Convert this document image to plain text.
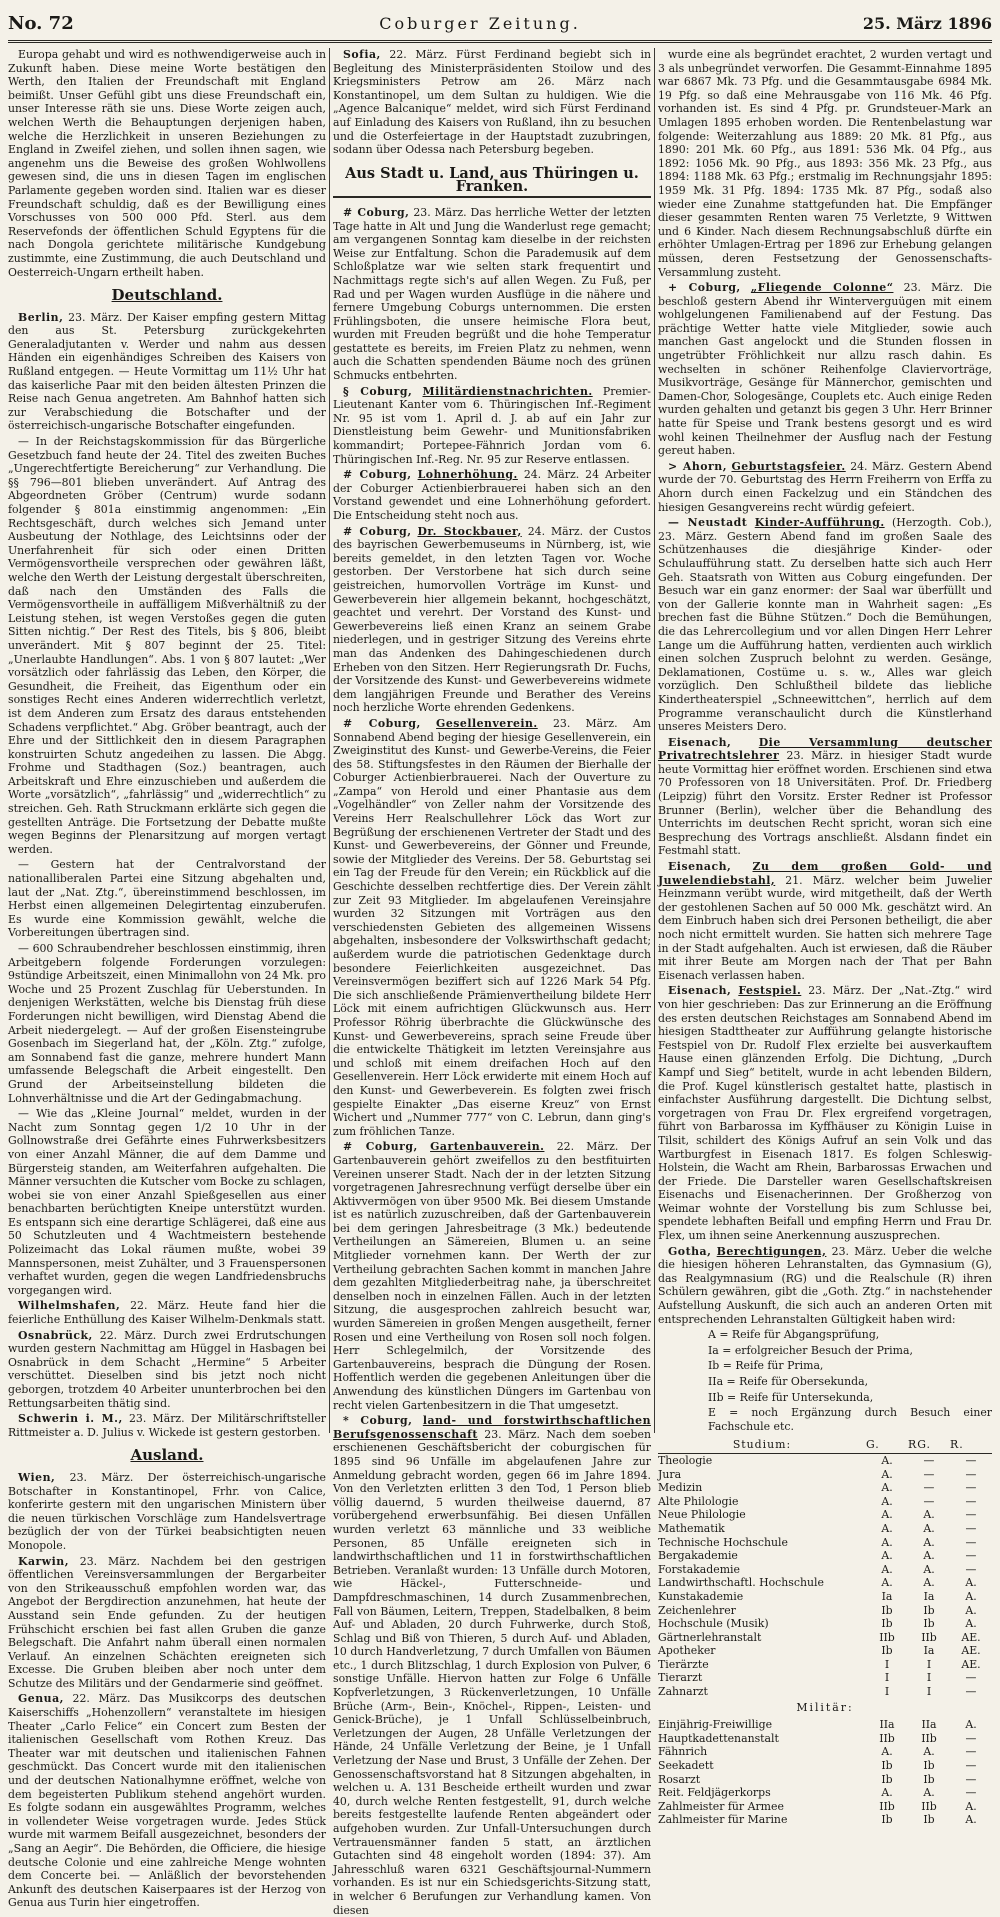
No. 72	Coburger Zeitung.	25. März 1896

Europa gehabt und wird es nothwendigerweise auch in Zukunft haben. Diese meine Worte bestätigen den Werth, den Italien der Freundschaft mit England beimißt. Unser Gefühl gibt uns diese Freundschaft ein, unser Interesse räth sie uns. Diese Worte zeigen auch, welchen Werth die Behauptungen derjenigen haben, welche die Herzlichkeit in unseren Beziehungen zu England in Zweifel ziehen, und sollen ihnen sagen, wie angenehm uns die Beweise des großen Wohlwollens gewesen sind, die uns in diesen Tagen im englischen Parlamente gegeben worden sind. Italien war es dieser Freundschaft schuldig, daß es der Bewilligung eines Vorschusses von 500 000 Pfd. Sterl. aus dem Reservefonds der öffentlichen Schuld Egyptens für die nach Dongola gerichtete militärische Kundgebung zustimmte, eine Zustimmung, die auch Deutschland und Oesterreich-Ungarn ertheilt haben.

Deutschland.

Berlin, 23. März. Der Kaiser empfing gestern Mittag den aus St. Petersburg zurückgekehrten Generaladjutanten v. Werder und nahm aus dessen Händen ein eigenhändiges Schreiben des Kaisers von Rußland entgegen. — Heute Vormittag um 11½ Uhr hat das kaiserliche Paar mit den beiden ältesten Prinzen die Reise nach Genua angetreten. Am Bahnhof hatten sich zur Verabschiedung die Botschafter und der österreichisch-ungarische Botschafter eingefunden.

— In der Reichstagskommission für das Bürgerliche Gesetzbuch fand heute der 24. Titel des zweiten Buches „Ungerechtfertigte Bereicherung“ zur Verhandlung. Die §§ 796—801 blieben unverändert. Auf Antrag des Abgeordneten Gröber (Centrum) wurde sodann folgender § 801a einstimmig angenommen: „Ein Rechtsgeschäft, durch welches sich Jemand unter Ausbeutung der Nothlage, des Leichtsinns oder der Unerfahrenheit für sich oder einen Dritten Vermögensvortheile versprechen oder gewähren läßt, welche den Werth der Leistung dergestalt überschreiten, daß nach den Umständen des Falls die Vermögensvortheile in auffälligem Mißverhältniß zu der Leistung stehen, ist wegen Verstoßes gegen die guten Sitten nichtig.“ Der Rest des Titels, bis § 806, bleibt unverändert. Mit § 807 beginnt der 25. Titel: „Unerlaubte Handlungen“. Abs. 1 von § 807 lautet: „Wer vorsätzlich oder fahrlässig das Leben, den Körper, die Gesundheit, die Freiheit, das Eigenthum oder ein sonstiges Recht eines Anderen widerrechtlich verletzt, ist dem Anderen zum Ersatz des daraus entstehenden Schadens verpflichtet.“ Abg. Gröber beantragt, auch der Ehre und der Sittlichkeit den in diesem Paragraphen konstruirten Schutz angedeihen zu lassen. Die Abgg. Frohme und Stadthagen (Soz.) beantragen, auch Arbeitskraft und Ehre einzuschieben und außerdem die Worte „vorsätzlich“, „fahrlässig“ und „widerrechtlich“ zu streichen. Geh. Rath Struckmann erklärte sich gegen die gestellten Anträge. Die Fortsetzung der Debatte mußte wegen Beginns der Plenarsitzung auf morgen vertagt werden.

— Gestern hat der Centralvorstand der nationalliberalen Partei eine Sitzung abgehalten und, laut der „Nat. Ztg.“, übereinstimmend beschlossen, im Herbst einen allgemeinen Delegirtentag einzuberufen. Es wurde eine Kommission gewählt, welche die Vorbereitungen übertragen sind.

— 600 Schraubendreher beschlossen einstimmig, ihren Arbeitgebern folgende Forderungen vorzulegen: 9stündige Arbeitszeit, einen Minimallohn von 24 Mk. pro Woche und 25 Prozent Zuschlag für Ueberstunden. In denjenigen Werkstätten, welche bis Dienstag früh diese Forderungen nicht bewilligen, wird Dienstag Abend die Arbeit niedergelegt. — Auf der großen Eisensteingrube Gosenbach im Siegerland hat, der „Köln. Ztg.“ zufolge, am Sonnabend fast die ganze, mehrere hundert Mann umfassende Belegschaft die Arbeit eingestellt. Den Grund der Arbeitseinstellung bildeten die Lohnverhältnisse und die Art der Gedingabmachung.

— Wie das „Kleine Journal“ meldet, wurden in der Nacht zum Sonntag gegen 1/2 10 Uhr in der Gollnowstraße drei Gefährte eines Fuhrwerksbesitzers von einer Anzahl Männer, die auf dem Damme und Bürgersteig standen, am Weiterfahren aufgehalten. Die Männer versuchten die Kutscher vom Bocke zu schlagen, wobei sie von einer Anzahl Spießgesellen aus einer benachbarten berüchtigten Kneipe unterstützt wurden. Es entspann sich eine derartige Schlägerei, daß eine aus 50 Schutzleuten und 4 Wachtmeistern bestehende Polizeimacht das Lokal räumen mußte, wobei 39 Mannspersonen, meist Zuhälter, und 3 Frauenspersonen verhaftet wurden, gegen die wegen Landfriedensbruchs vorgegangen wird.

Wilhelmshafen, 22. März. Heute fand hier die feierliche Enthüllung des Kaiser Wilhelm-Denkmals statt.

Osnabrück, 22. März. Durch zwei Erdrutschungen wurden gestern Nachmittag am Hüggel in Hasbagen bei Osnabrück in dem Schacht „Hermine“ 5 Arbeiter verschüttet. Dieselben sind bis jetzt noch nicht geborgen, trotzdem 40 Arbeiter ununterbrochen bei den Rettungsarbeiten thätig sind.

Schwerin i. M., 23. März. Der Militärschriftsteller Rittmeister a. D. Julius v. Wickede ist gestern gestorben.

Ausland.

Wien, 23. März. Der österreichisch-ungarische Botschafter in Konstantinopel, Frhr. von Calice, konferirte gestern mit den ungarischen Ministern über die neuen türkischen Vorschläge zum Handelsvertrage bezüglich der von der Türkei beabsichtigten neuen Monopole.

Karwin, 23. März. Nachdem bei den gestrigen öffentlichen Vereinsversammlungen der Bergarbeiter von den Strikeausschuß empfohlen worden war, das Angebot der Bergdirection anzunehmen, hat heute der Ausstand sein Ende gefunden. Zu der heutigen Frühschicht erschien bei fast allen Gruben die ganze Belegschaft. Die Anfahrt nahm überall einen normalen Verlauf. An einzelnen Schächten ereigneten sich Excesse. Die Gruben bleiben aber noch unter dem Schutze des Militärs und der Gendarmerie sind geöffnet.

Genua, 22. März. Das Musikcorps des deutschen Kaiserschiffs „Hohenzollern“ veranstaltete im hiesigen Theater „Carlo Felice“ ein Concert zum Besten der italienischen Gesellschaft vom Rothen Kreuz. Das Theater war mit deutschen und italienischen Fahnen geschmückt. Das Concert wurde mit den italienischen und der deutschen Nationalhymne eröffnet, welche von dem begeisterten Publikum stehend angehört wurden. Es folgte sodann ein ausgewähltes Programm, welches in vollendeter Weise vorgetragen wurde. Jedes Stück wurde mit warmem Beifall ausgezeichnet, besonders der „Sang an Aegir“. Die Behörden, die Officiere, die hiesige deutsche Colonie und eine zahlreiche Menge wohnten dem Concerte bei. — Anläßlich der bevorstehenden Ankunft des deutschen Kaiserpaares ist der Herzog von Genua aus Turin hier eingetroffen.

Sofia, 22. März. Fürst Ferdinand begiebt sich in Begleitung des Ministerpräsidenten Stoilow und des Kriegsministers Petrow am 26. März nach Konstantinopel, um dem Sultan zu huldigen. Wie die „Agence Balcanique“ meldet, wird sich Fürst Ferdinand auf Einladung des Kaisers von Rußland, ihn zu besuchen und die Osterfeiertage in der Hauptstadt zuzubringen, sodann über Odessa nach Petersburg begeben.

Aus Stadt u. Land, aus Thüringen u. Franken.

# Coburg, 23. März. Das herrliche Wetter der letzten Tage hatte in Alt und Jung die Wanderlust rege gemacht; am vergangenen Sonntag kam dieselbe in der reichsten Weise zur Entfaltung. Schon die Parademusik auf dem Schloßplatze war wie selten stark frequentirt und Nachmittags regte sich's auf allen Wegen. Zu Fuß, per Rad und per Wagen wurden Ausflüge in die nähere und fernere Umgebung Coburgs unternommen. Die ersten Frühlingsboten, die unsere heimische Flora beut, wurden mit Freuden begrüßt und die hohe Temperatur gestattete es bereits, im Freien Platz zu nehmen, wenn auch die Schatten spendenden Bäume noch des grünen Schmucks entbehrten.

§ Coburg, Militärdienstnachrichten. Premier-Lieutenant Kanter vom 6. Thüringischen Inf.-Regiment Nr. 95 ist vom 1. April d. J. ab auf ein Jahr zur Dienstleistung beim Gewehr- und Munitionsfabriken kommandirt; Portepee-Fähnrich Jordan vom 6. Thüringischen Inf.-Reg. Nr. 95 zur Reserve entlassen.

# Coburg, Lohnerhöhung. 24. März. 24 Arbeiter der Coburger Actienbierbrauerei haben sich an den Vorstand gewendet und eine Lohnerhöhung gefordert. Die Entscheidung steht noch aus.

# Coburg, Dr. Stockbauer, 24. März. der Custos des bayrischen Gewerbemuseums in Nürnberg, ist, wie bereits gemeldet, in den letzten Tagen vor. Woche gestorben. Der Verstorbene hat sich durch seine geistreichen, humorvollen Vorträge im Kunst- und Gewerbeverein hier allgemein bekannt, hochgeschätzt, geachtet und verehrt. Der Vorstand des Kunst- und Gewerbevereins ließ einen Kranz an seinem Grabe niederlegen, und in gestriger Sitzung des Vereins ehrte man das Andenken des Dahingeschiedenen durch Erheben von den Sitzen. Herr Regierungsrath Dr. Fuchs, der Vorsitzende des Kunst- und Gewerbevereins widmete dem langjährigen Freunde und Berather des Vereins noch herzliche Worte ehrenden Gedenkens.

# Coburg, Gesellenverein. 23. März. Am Sonnabend Abend beging der hiesige Gesellenverein, ein Zweiginstitut des Kunst- und Gewerbe-Vereins, die Feier des 58. Stiftungsfestes in den Räumen der Bierhalle der Coburger Actienbierbrauerei. Nach der Ouverture zu „Zampa“ von Herold und einer Phantasie aus dem „Vogelhändler“ von Zeller nahm der Vorsitzende des Vereins Herr Realschullehrer Löck das Wort zur Begrüßung der erschienenen Vertreter der Stadt und des Kunst- und Gewerbevereins, der Gönner und Freunde, sowie der Mitglieder des Vereins. Der 58. Geburtstag sei ein Tag der Freude für den Verein; ein Rückblick auf die Geschichte desselben rechtfertige dies. Der Verein zählt zur Zeit 93 Mitglieder. Im abgelaufenen Vereinsjahre wurden 32 Sitzungen mit Vorträgen aus den verschiedensten Gebieten des allgemeinen Wissens abgehalten, insbesondere der Volkswirthschaft gedacht; außerdem wurde die patriotischen Gedenktage durch besondere Feierlichkeiten ausgezeichnet. Das Vereinsvermögen beziffert sich auf 1226 Mark 54 Pfg. Die sich anschließende Prämienvertheilung bildete Herr Löck mit einem aufrichtigen Glückwunsch aus. Herr Professor Röhrig überbrachte die Glückwünsche des Kunst- und Gewerbevereins, sprach seine Freude über die entwickelte Thätigkeit im letzten Vereinsjahre aus und schloß mit einem dreifachen Hoch auf den Gesellenverein. Herr Löck erwiderte mit einem Hoch auf den Kunst- und Gewerbeverein. Es folgten zwei frisch gespielte Einakter „Das eiserne Kreuz“ von Ernst Wichert und „Nummer 777“ von C. Lebrun, dann ging's zum fröhlichen Tanze.

# Coburg, Gartenbauverein. 22. März. Der Gartenbauverein gehört zweifellos zu den bestfituirten Vereinen unserer Stadt. Nach der in der letzten Sitzung vorgetragenen Jahresrechnung verfügt derselbe über ein Aktivvermögen von über 9500 Mk. Bei diesem Umstande ist es natürlich zuzuschreiben, daß der Gartenbauverein bei dem geringen Jahresbeitrage (3 Mk.) bedeutende Vertheilungen an Sämereien, Blumen u. an seine Mitglieder vornehmen kann. Der Werth der zur Vertheilung gebrachten Sachen kommt in manchen Jahre dem gezahlten Mitgliederbeitrag nahe, ja überschreitet denselben noch in einzelnen Fällen. Auch in der letzten Sitzung, die ausgesprochen zahlreich besucht war, wurden Sämereien in großen Mengen ausgetheilt, ferner Rosen und eine Vertheilung von Rosen soll noch folgen. Herr Schlegelmilch, der Vorsitzende des Gartenbauvereins, besprach die Düngung der Rosen. Hoffentlich werden die gegebenen Anleitungen über die Anwendung des künstlichen Düngers im Gartenbau von recht vielen Gartenbesitzern in die That umgesetzt.

* Coburg, land- und forstwirthschaftlichen Berufsgenossenschaft 23. März. Nach dem soeben erschienenen Geschäftsbericht der coburgischen für 1895 sind 96 Unfälle im abgelaufenen Jahre zur Anmeldung gebracht worden, gegen 66 im Jahre 1894. Von den Verletzten erlitten 3 den Tod, 1 Person blieb völlig dauernd, 5 wurden theilweise dauernd, 87 vorübergehend erwerbsunfähig. Bei diesen Unfällen wurden verletzt 63 männliche und 33 weibliche Personen, 85 Unfälle ereigneten sich in landwirthschaftlichen und 11 in forstwirthschaftlichen Betrieben. Veranlaßt wurden: 13 Unfälle durch Motoren, wie Häckel-, Futterschneide- und Dampfdreschmaschinen, 14 durch Zusammenbrechen, Fall von Bäumen, Leitern, Treppen, Stadelbalken, 8 beim Auf- und Abladen, 20 durch Fuhrwerke, durch Stoß, Schlag und Biß von Thieren, 5 durch Auf- und Abladen, 10 durch Handverletzung, 7 durch Umfallen von Bäumen etc., 1 durch Blitzschlag, 1 durch Explosion von Pulver, 6 sonstige Unfälle. Hiervon hatten zur Folge 6 Unfälle Kopfverletzungen, 3 Rückenverletzungen, 10 Unfälle Brüche (Arm-, Bein-, Knöchel-, Rippen-, Leisten- und Genick-Brüche), je 1 Unfall Schlüsselbeinbruch, Verletzungen der Augen, 28 Unfälle Verletzungen der Hände, 24 Unfälle Verletzung der Beine, je 1 Unfall Verletzung der Nase und Brust, 3 Unfälle der Zehen. Der Genossenschaftsvorstand hat 8 Sitzungen abgehalten, in welchen u. A. 131 Bescheide ertheilt wurden und zwar 40, durch welche Renten festgestellt, 91, durch welche bereits festgestellte laufende Renten abgeändert oder aufgehoben wurden. Zur Unfall-Untersuchungen durch Vertrauensmänner fanden 5 statt, an ärztlichen Gutachten sind 48 eingeholt worden (1894: 37). Am Jahresschluß waren 6321 Geschäftsjournal-Nummern vorhanden. Es ist nur ein Schiedsgerichts-Sitzung statt, in welcher 6 Berufungen zur Verhandlung kamen. Von diesen

wurde eine als begründet erachtet, 2 wurden vertagt und 3 als unbegründet verworfen. Die Gesammt-Einnahme 1895 war 6867 Mk. 73 Pfg. und die Gesammtausgabe 6984 Mk. 19 Pfg. so daß eine Mehrausgabe von 116 Mk. 46 Pfg. vorhanden ist. Es sind 4 Pfg. pr. Grundsteuer-Mark an Umlagen 1895 erhoben worden. Die Rentenbelastung war folgende: Weiterzahlung aus 1889: 20 Mk. 81 Pfg., aus 1890: 201 Mk. 60 Pfg., aus 1891: 536 Mk. 04 Pfg., aus 1892: 1056 Mk. 90 Pfg., aus 1893: 356 Mk. 23 Pfg., aus 1894: 1188 Mk. 63 Pfg.; erstmalig im Rechnungsjahr 1895: 1959 Mk. 31 Pfg. 1894: 1735 Mk. 87 Pfg., sodaß also wieder eine Zunahme stattgefunden hat. Die Empfänger dieser gesammten Renten waren 75 Verletzte, 9 Wittwen und 6 Kinder. Nach diesem Rechnungsabschluß dürfte ein erhöhter Umlagen-Ertrag per 1896 zur Erhebung gelangen müssen, deren Festsetzung der Genossenschafts-Versammlung zusteht.

+ Coburg, „Fliegende Colonne“ 23. März. Die beschloß gestern Abend ihr Winterverguügen mit einem wohlgelungenen Familienabend auf der Festung. Das prächtige Wetter hatte viele Mitglieder, sowie auch manchen Gast angelockt und die Stunden flossen in ungetrübter Fröhlichkeit nur allzu rasch dahin. Es wechselten in schöner Reihenfolge Claviervorträge, Musikvorträge, Gesänge für Männerchor, gemischten und Damen-Chor, Sologesänge, Couplets etc. Auch einige Reden wurden gehalten und getanzt bis gegen 3 Uhr. Herr Brinner hatte für Speise und Trank bestens gesorgt und es wird wohl keinen Theilnehmer der Ausflug nach der Festung gereut haben.

> Ahorn, Geburtstagsfeier. 24. März. Gestern Abend wurde der 70. Geburtstag des Herrn Freiherrn von Erffa zu Ahorn durch einen Fackelzug und ein Ständchen des hiesigen Gesangvereins recht würdig gefeiert.

— Neustadt Kinder-Aufführung. (Herzogth. Cob.), 23. März. Gestern Abend fand im großen Saale des Schützenhauses die diesjährige Kinder- oder Schulaufführung statt. Zu derselben hatte sich auch Herr Geh. Staatsrath von Witten aus Coburg eingefunden. Der Besuch war ein ganz enormer: der Saal war überfüllt und von der Gallerie konnte man in Wahrheit sagen: „Es brechen fast die Bühne Stützen.“ Doch die Bemühungen, die das Lehrercollegium und vor allen Dingen Herr Lehrer Lange um die Aufführung hatten, verdienten auch wirklich einen solchen Zuspruch belohnt zu werden. Gesänge, Deklamationen, Costüme u. s. w., Alles war gleich vorzüglich. Den Schlußtheil bildete das liebliche Kindertheaterspiel „Schneewittchen“, herrlich auf dem Programme veranschaulicht durch die Künstlerhand unseres Meisters Dero.

Eisenach,	Die Versammlung deutscher Privatrechtslehrer 23. März. in hiesiger Stadt wurde heute Vormittag hier eröffnet worden. Erschienen sind etwa 70 Professoren von 18 Universitäten. Prof. Dr. Friedberg (Leipzig) führt den Vorsitz. Erster Redner ist Professor Brunner (Berlin), welcher über die Behandlung des Unterrichts im deutschen Recht spricht, woran sich eine Besprechung des Vortrags anschließt. Alsdann findet ein Festmahl statt.

Eisenach, Zu dem großen Gold- und Juwelendiebstahl, 21. März. welcher beim Juwelier Heinzmann verübt wurde, wird mitgetheilt, daß der Werth der gestohlenen Sachen auf 50 000 Mk. geschätzt wird. An dem Einbruch haben sich drei Personen betheiligt, die aber noch nicht ermittelt wurden. Sie hatten sich mehrere Tage in der Stadt aufgehalten. Auch ist erwiesen, daß die Räuber mit ihrer Beute am Morgen nach der That per Bahn Eisenach verlassen haben.

Eisenach, Festspiel. 23. März. Der „Nat.-Ztg.“ wird von hier geschrieben: Das zur Erinnerung an die Eröffnung des ersten deutschen Reichstages am Sonnabend Abend im hiesigen Stadttheater zur Aufführung gelangte historische Festspiel von Dr. Rudolf Flex erzielte bei ausverkauftem Hause einen glänzenden Erfolg. Die Dichtung, „Durch Kampf und Sieg“ betitelt, wurde in acht lebenden Bildern, die Prof. Kugel künstlerisch gestaltet hatte, plastisch in einfachster Ausführung dargestellt. Die Dichtung selbst, vorgetragen von Frau Dr. Flex ergreifend vorgetragen, führt von Barbarossa im Kyffhäuser zu Königin Luise in Tilsit, schildert des Königs Aufruf an sein Volk und das Wartburgfest in Eisenach 1817. Es folgen Schleswig-Holstein, die Wacht am Rhein, Barbarossas Erwachen und der Friede. Die Darsteller waren Gesellschaftskreisen Eisenachs und Eisenacherinnen. Der Großherzog von Weimar wohnte der Vorstellung bis zum Schlusse bei, spendete lebhaften Beifall und empfing Herrn und Frau Dr. Flex, um ihnen seine Anerkennung auszusprechen.

Gotha, Berechtigungen, 23. März. Ueber die welche die hiesigen höheren Lehranstalten, das Gymnasium (G), das Realgymnasium (RG) und die Realschule (R) ihren Schülern gewähren, gibt die „Goth. Ztg.“ in nachstehender Aufstellung Auskunft, die sich auch an anderen Orten mit entsprechenden Lehranstalten Gültigkeit haben wird:

A = Reife für Abgangsprüfung,

Ia = erfolgreicher Besuch der Prima,

Ib = Reife für Prima,

IIa = Reife für Obersekunda,

IIb = Reife für Untersekunda,

E = noch Ergänzung durch Besuch einer Fachschule etc.

Studium:	G.	RG.	R.
Theologie	A.	—	—
Jura	A.	—	—
Medizin	A.	—	—
Alte Philologie	A.	—	—
Neue Philologie	A.	A.	—
Mathematik	A.	A.	—
Technische Hochschule	A.	A.	—
Bergakademie	A.	A.	—
Forstakademie	A.	A.	—
Landwirthschaftl. Hochschule	A.	A.	A.
Kunstakademie	Ia	Ia	A.
Zeichenlehrer	Ib	Ib	A.
Hochschule (Musik)	Ib	Ib	A.
Gärtnerlehranstalt	IIb	IIb	AE.
Apotheker	Ib	Ia	AE.
Tierärzte	I	I	AE.
Tierarzt	I	I	—
Zahnarzt	I	I	—

Militär:

Einjährig-Freiwillige	IIa	IIa	A.
Hauptkadettenanstalt	IIb	IIb	—
Fähnrich	A.	A.	—
Seekadett	Ib	Ib	—
Rosarzt	Ib	Ib	—
Reit. Feldjägerkorps	A.	A.	—
Zahlmeister für Armee	IIb	IIb	A.
Zahlmeister für Marine	Ib	Ib	A.
